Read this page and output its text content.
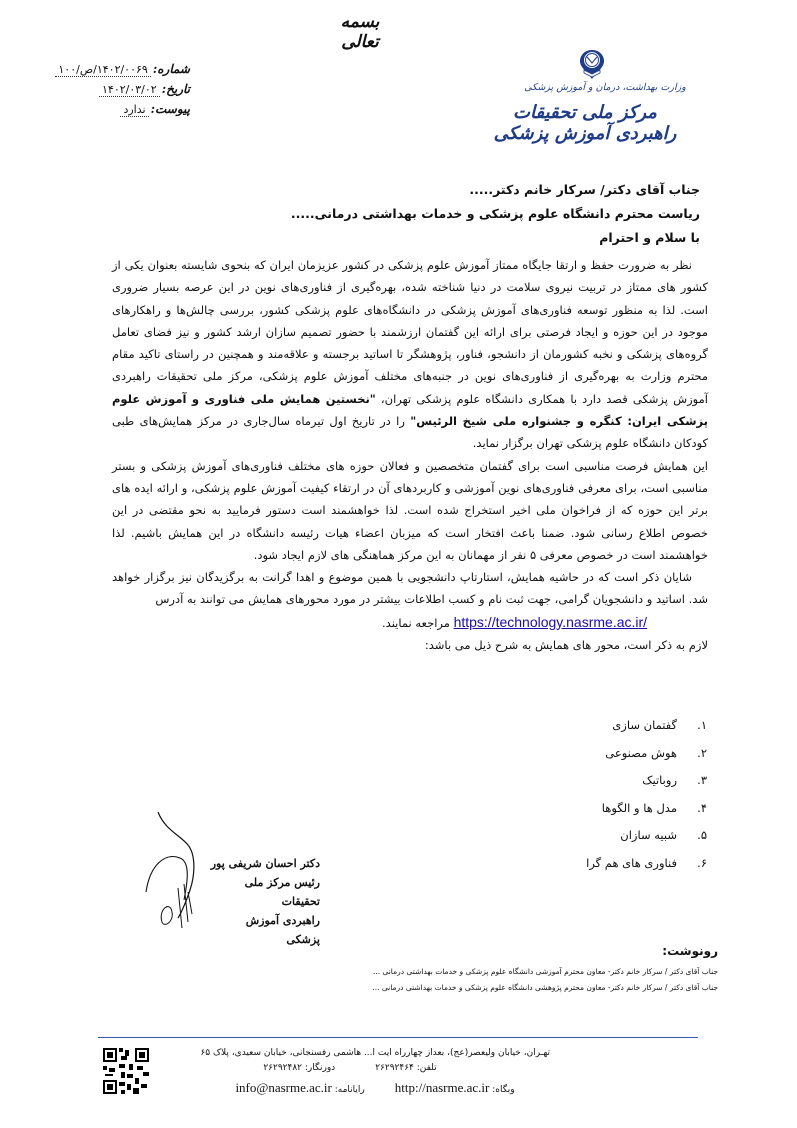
بسمه تعالی
شماره:
۱۴۰۲/۰۰۶۹/ص/۱۰۰
تاریخ:
۱۴۰۲/۰۳/۰۲
پیوست:
ندارد
وزارت بهداشت، درمان و آموزش پزشکی
مرکز ملی تحقیقات راهبردی آموزش پزشکی
جناب آقای دکتر/ سرکار خانم دکتر.....
ریاست محترم دانشگاه علوم پزشکی و خدمات بهداشتی درمانی.....
با سلام و احترام

نظر به ضرورت حفظ و ارتقا جایگاه ممتاز آموزش علوم پزشکی در کشور عزیزمان ایران که بنحوی شایسته بعنوان یکی از کشور های ممتاز در تربیت نیروی سلامت در دنیا شناخته شده، بهره‌گیری از فناوری‌های نوین در این عرصه بسیار ضروری است. لذا به منظور توسعه فناوری‌های آموزش پزشکی در دانشگاه‌های علوم پزشکی کشور، بررسی چالش‌ها و راهکارهای موجود در این حوزه و ایجاد فرصتی برای ارائه این گفتمان ارزشمند با حضور تصمیم سازان ارشد کشور و نیز فضای تعامل گروه‌های پزشکی و نخبه کشورمان از دانشجو، فناور، پژوهشگر تا اساتید برجسته و علاقه‌مند و همچنین در راستای تاکید مقام محترم وزارت به بهره‌گیری از فناوری‌های نوین در جنبه‌های مختلف آموزش علوم پزشکی، مرکز ملی تحقیقات راهبردی آموزش پزشکی قصد دارد با همکاری دانشگاه علوم پزشکی تهران، "نخستین همایش ملی فناوری و آموزش علوم پزشکی ایران: کنگره و جشنواره ملی شیخ الرئیس" را در تاریخ اول تیرماه سال‌جاری در مرکز همایش‌های طبی کودکان دانشگاه علوم پزشکی تهران برگزار نماید.

این همایش فرصت مناسبی است برای گفتمان متخصصین و فعالان حوزه های مختلف فناوری‌های آموزش پزشکی و بستر مناسبی است، برای معرفی فناوری‌های نوین آموزشی و کاربردهای آن در ارتقاء کیفیت آموزش علوم پزشکی، و ارائه ایده های برتر این حوزه که از فراخوان ملی اخیر استخراج شده است. لذا خواهشمند است دستور فرمایید به نحو مقتضی در این خصوص اطلاع رسانی شود. ضمنا باعث افتخار است که میزبان اعضاء هیات رئیسه دانشگاه در این همایش باشیم. لذا خواهشمند است در خصوص معرفی ۵ نفر از مهمانان به این مرکز هماهنگی های لازم ایجاد شود.

شایان ذکر است که در حاشیه همایش، استارتاپ دانشجویی با همین موضوع و اهدا گرانت به برگزیدگان نیز برگزار خواهد شد. اساتید و دانشجویان گرامی، جهت ثبت نام و کسب اطلاعات بیشتر در مورد محورهای همایش می توانند به آدرس

https://technology.nasrme.ac.ir/ مراجعه نمایند.

لازم به ذکر است، محور های همایش به شرح ذیل می باشد:

۱.
گفتمان سازی
۲.
هوش مصنوعی
۳.
روباتیک
۴.
مدل ها و الگوها
۵.
شبیه سازان
۶.
فناوری های هم گرا
دکتر احسان شریفی پور
رئیس مرکز ملی تحقیقات
راهبردی آموزش پزشکی
رونوشت:
جناب آقای دکتر / سرکار خانم دکتر- معاون محترم آموزشی دانشگاه علوم پزشکی و خدمات بهداشتی درمانی ...
جناب آقای دکتر / سرکار خانم دکتر- معاون محترم پژوهشی دانشگاه علوم پزشکی و خدمات بهداشتی درمانی ...
تهـران، خیابان ولیعصر(عج)، بعداز چهارراه ایت ا... هاشمی رفسنجانی، خیابان سعیدی، پلاک ۶۵
تلفن: ۲۶۲۹۲۴۶۴
دورنگار: ۲۶۲۹۲۴۸۲
وبگاه: http://nasrme.ac.ir
رایانامه: info@nasrme.ac.ir
